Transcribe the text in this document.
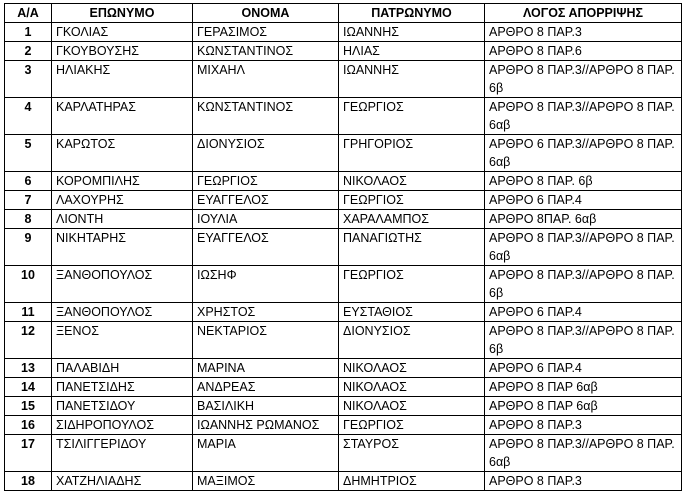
Α/Α	ΕΠΩΝΥΜΟ	ΟΝΟΜΑ	ΠΑΤΡΩΝΥΜΟ	ΛΟΓΟΣ ΑΠΟΡΡΙΨΗΣ
1	ΓΚΟΛΙΑΣ	ΓΕΡΑΣΙΜΟΣ	ΙΩΑΝΝΗΣ	ΑΡΘΡΟ 8 ΠΑΡ.3
2	ΓΚΟΥΒΟΥΣΗΣ	ΚΩΝΣΤΑΝΤΙΝΟΣ	ΗΛΙΑΣ	ΑΡΘΡΟ 8 ΠΑΡ.6
3	ΗΛΙΑΚΗΣ	ΜΙΧΑΗΛ	ΙΩΑΝΝΗΣ	ΑΡΘΡΟ 8 ΠΑΡ.3//ΑΡΘΡΟ 8 ΠΑΡ. 6β
4	ΚΑΡΛΑΤΗΡΑΣ	ΚΩΝΣΤΑΝΤΙΝΟΣ	ΓΕΩΡΓΙΟΣ	ΑΡΘΡΟ 8 ΠΑΡ.3//ΑΡΘΡΟ 8 ΠΑΡ. 6αβ
5	ΚΑΡΩΤΟΣ	ΔΙΟΝΥΣΙΟΣ	ΓΡΗΓΟΡΙΟΣ	ΑΡΘΡΟ 6 ΠΑΡ.3//ΑΡΘΡΟ 8 ΠΑΡ. 6αβ
6	ΚΟΡΟΜΠΙΛΗΣ	ΓΕΩΡΓΙΟΣ	ΝΙΚΟΛΑΟΣ	ΑΡΘΡΟ 8 ΠΑΡ. 6β
7	ΛΑΧΟΥΡΗΣ	ΕΥΑΓΓΕΛΟΣ	ΓΕΩΡΓΙΟΣ	ΑΡΘΡΟ 6 ΠΑΡ.4
8	ΛΙΟΝΤΗ	ΙΟΥΛΙΑ	ΧΑΡΑΛΑΜΠΟΣ	ΑΡΘΡΟ 8ΠΑΡ. 6αβ
9	ΝΙΚΗΤΑΡΗΣ	ΕΥΑΓΓΕΛΟΣ	ΠΑΝΑΓΙΩΤΗΣ	ΑΡΘΡΟ 8 ΠΑΡ.3//ΑΡΘΡΟ 8 ΠΑΡ. 6αβ
10	ΞΑΝΘΟΠΟΥΛΟΣ	ΙΩΣΗΦ	ΓΕΩΡΓΙΟΣ	ΑΡΘΡΟ 8 ΠΑΡ.3//ΑΡΘΡΟ 8 ΠΑΡ. 6β
11	ΞΑΝΘΟΠΟΥΛΟΣ	ΧΡΗΣΤΟΣ	ΕΥΣΤΑΘΙΟΣ	ΑΡΘΡΟ 6 ΠΑΡ.4
12	ΞΕΝΟΣ	ΝΕΚΤΑΡΙΟΣ	ΔΙΟΝΥΣΙΟΣ	ΑΡΘΡΟ 8 ΠΑΡ.3//ΑΡΘΡΟ 8 ΠΑΡ. 6β
13	ΠΑΛΑΒΙΔΗ	ΜΑΡΙΝΑ	ΝΙΚΟΛΑΟΣ	ΑΡΘΡΟ 6 ΠΑΡ.4
14	ΠΑΝΕΤΣΙΔΗΣ	ΑΝΔΡΕΑΣ	ΝΙΚΟΛΑΟΣ	ΑΡΘΡΟ 8 ΠΑΡ 6αβ
15	ΠΑΝΕΤΣΙΔΟΥ	ΒΑΣΙΛΙΚΗ	ΝΙΚΟΛΑΟΣ	ΑΡΘΡΟ 8 ΠΑΡ 6αβ
16	ΣΙΔΗΡΟΠΟΥΛΟΣ	ΙΩΑΝΝΗΣ ΡΩΜΑΝΟΣ	ΓΕΩΡΓΙΟΣ	ΑΡΘΡΟ 8 ΠΑΡ.3
17	ΤΣΙΛΙΓΓΕΡΙΔΟΥ	ΜΑΡΙΑ	ΣΤΑΥΡΟΣ	ΑΡΘΡΟ 8 ΠΑΡ.3//ΑΡΘΡΟ 8 ΠΑΡ. 6αβ
18	ΧΑΤΖΗΛΙΑΔΗΣ	ΜΑΞΙΜΟΣ	ΔΗΜΗΤΡΙΟΣ	ΑΡΘΡΟ 8 ΠΑΡ.3
